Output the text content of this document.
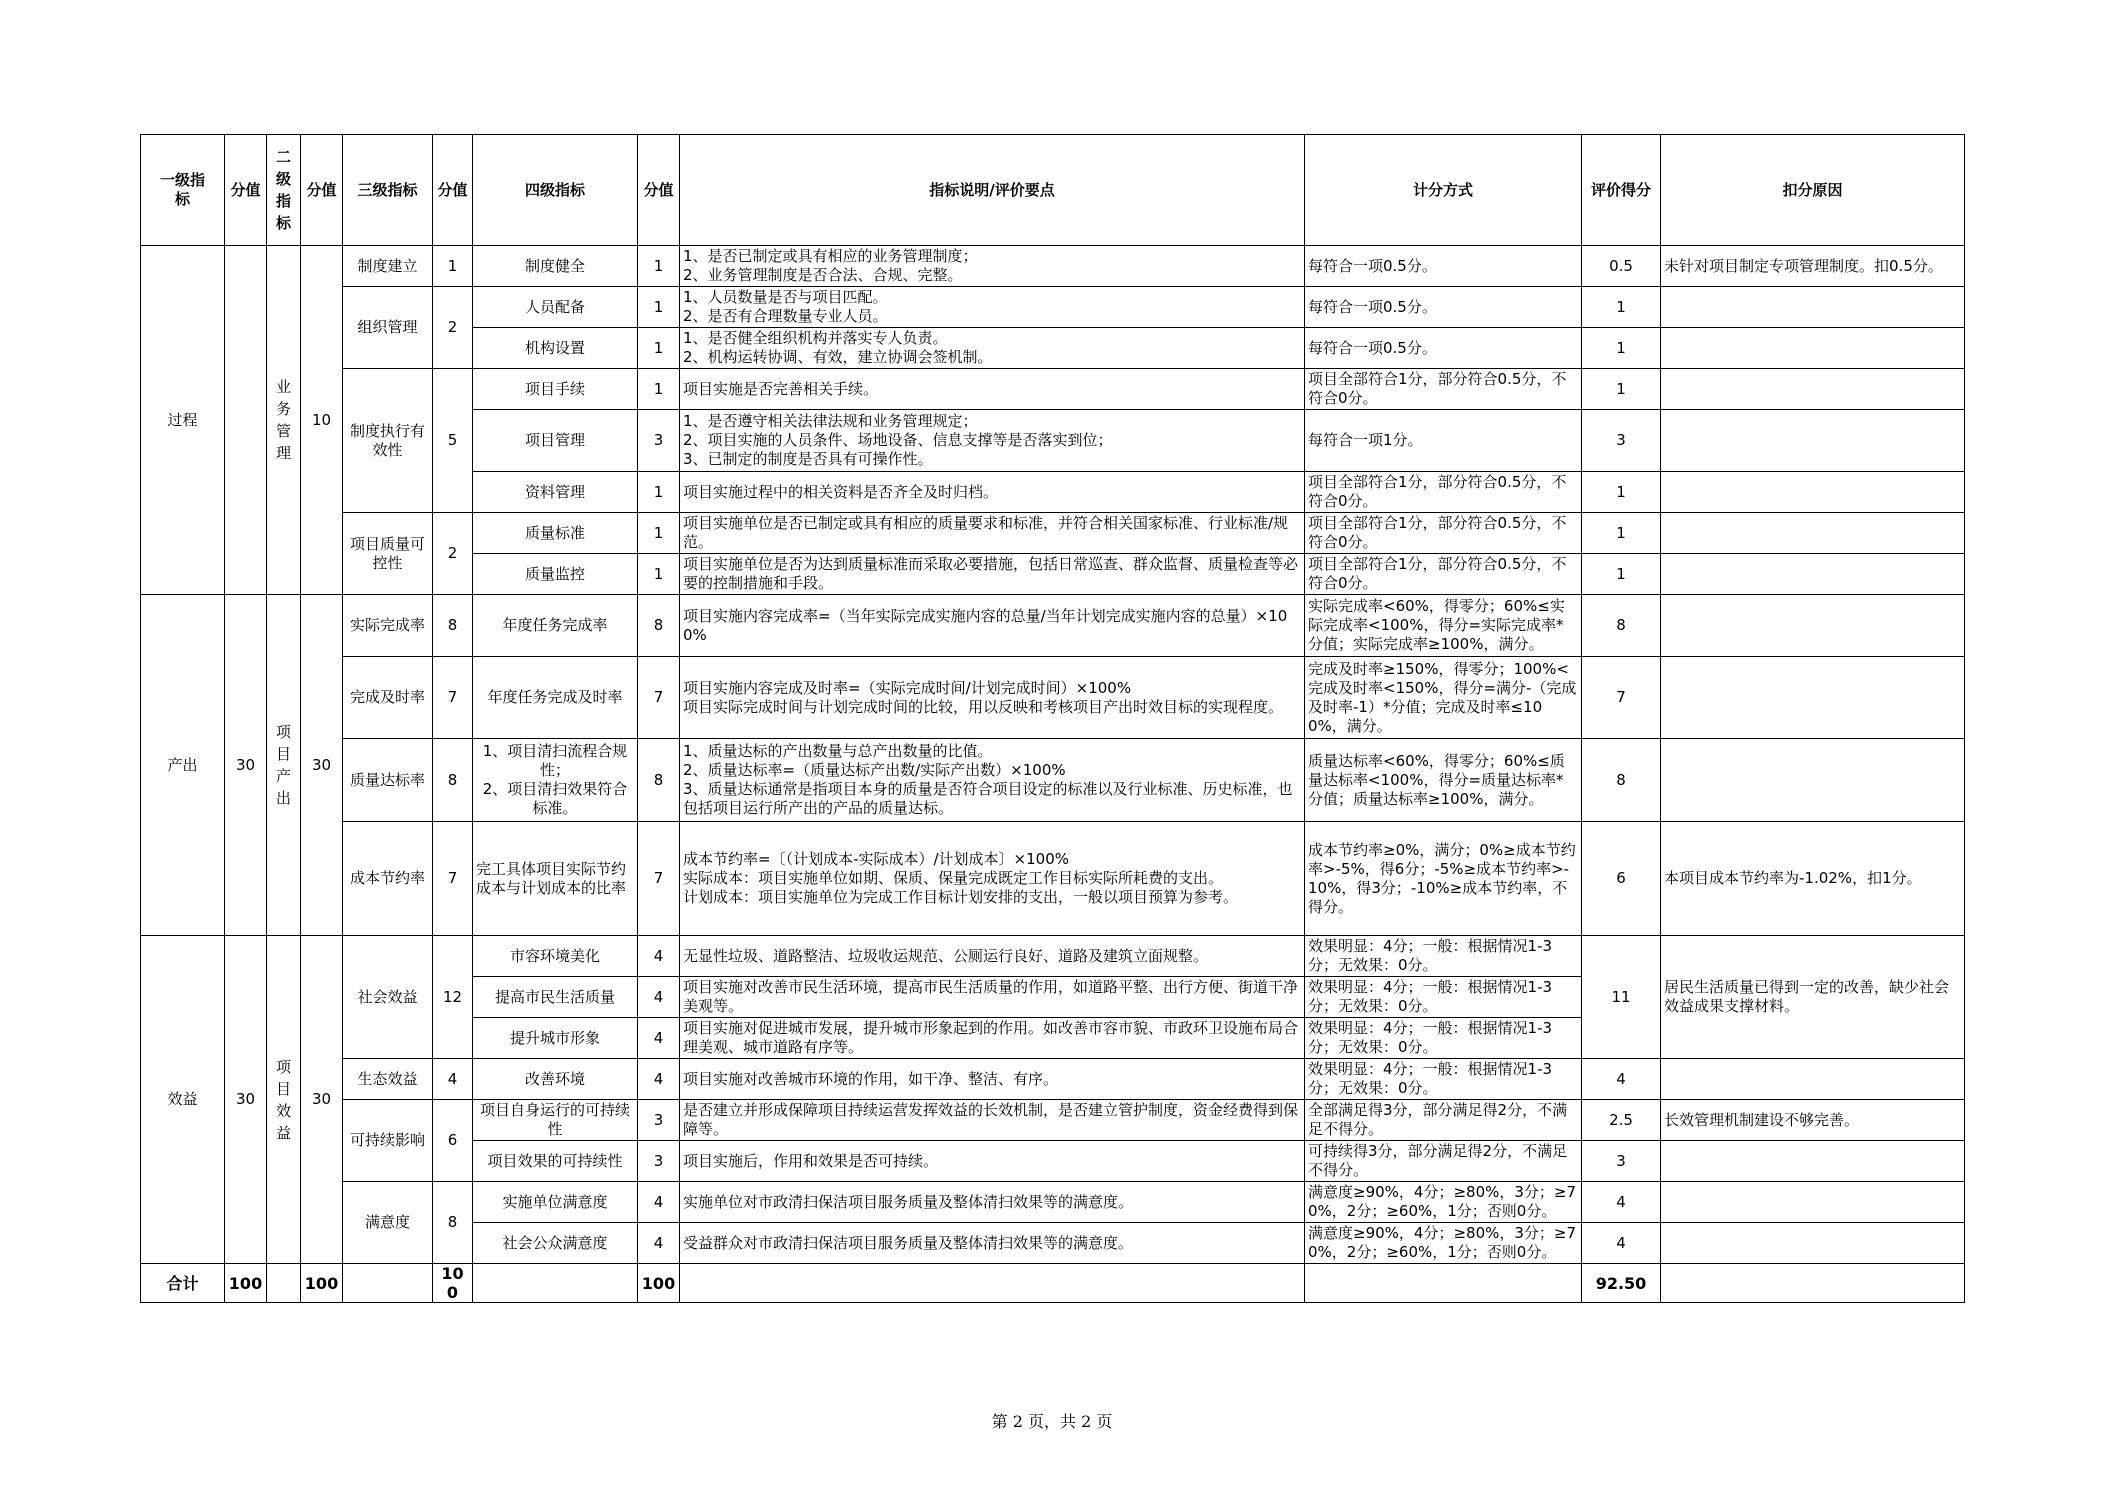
一级指标	分值	二级指标	分值	三级指标	分值	四级指标	分值	指标说明/评价要点	计分方式	评价得分	扣分原因
过程		业务管理	10	制度建立	1	制度健全	1	1、是否已制定或具有相应的业务管理制度；
2、业务管理制度是否合法、合规、完整。	每符合一项0.5分。	0.5	未针对项目制定专项管理制度。扣0.5分。
				组织管理	2	人员配备	1	1、人员数量是否与项目匹配。
2、是否有合理数量专业人员。	每符合一项0.5分。	1	
						机构设置	1	1、是否健全组织机构并落实专人负责。
2、机构运转协调、有效，建立协调会签机制。	每符合一项0.5分。	1	
				制度执行有效性	5	项目手续	1	项目实施是否完善相关手续。	项目全部符合1分，部分符合0.5分，不符合0分。	1	
						项目管理	3	1、是否遵守相关法律法规和业务管理规定；
2、项目实施的人员条件、场地设备、信息支撑等是否落实到位；
3、已制定的制度是否具有可操作性。	每符合一项1分。	3	
						资料管理	1	项目实施过程中的相关资料是否齐全及时归档。	项目全部符合1分，部分符合0.5分，不符合0分。	1	
				项目质量可控性	2	质量标准	1	项目实施单位是否已制定或具有相应的质量要求和标准，并符合相关国家标准、行业标准/规范。	项目全部符合1分，部分符合0.5分，不符合0分。	1	
						质量监控	1	项目实施单位是否为达到质量标准而采取必要措施，包括日常巡查、群众监督、质量检查等必要的控制措施和手段。	项目全部符合1分，部分符合0.5分，不符合0分。	1	
产出	30	项目产出	30	实际完成率	8	年度任务完成率	8	项目实施内容完成率=（当年实际完成实施内容的总量/当年计划完成实施内容的总量）×100%	实际完成率<60%，得零分；60%≤实际完成率<100%，得分=实际完成率*分值；实际完成率≥100%，满分。	8	
				完成及时率	7	年度任务完成及时率	7	项目实施内容完成及时率=（实际完成时间/计划完成时间）×100%
项目实际完成时间与计划完成时间的比较，用以反映和考核项目产出时效目标的实现程度。	完成及时率≥150%，得零分；100%<完成及时率<150%，得分=满分-（完成及时率-1）*分值；完成及时率≤100%，满分。	7	
				质量达标率	8	1、项目清扫流程合规性；
2、项目清扫效果符合标准。	8	1、质量达标的产出数量与总产出数量的比值。
2、质量达标率=（质量达标产出数/实际产出数）×100%
3、质量达标通常是指项目本身的质量是否符合项目设定的标准以及行业标准、历史标准，也包括项目运行所产出的产品的质量达标。	质量达标率<60%，得零分；60%≤质量达标率<100%，得分=质量达标率*分值；质量达标率≥100%，满分。	8	
				成本节约率	7	完工具体项目实际节约成本与计划成本的比率	7	成本节约率=〔（计划成本-实际成本）/计划成本〕×100%
实际成本：项目实施单位如期、保质、保量完成既定工作目标实际所耗费的支出。
计划成本：项目实施单位为完成工作目标计划安排的支出，一般以项目预算为参考。	成本节约率≥0%，满分；0%≥成本节约率>-5%，得6分；-5%≥成本节约率>-10%，得3分；-10%≥成本节约率，不得分。	6	本项目成本节约率为-1.02%，扣1分。
效益	30	项目效益	30	社会效益	12	市容环境美化	4	无显性垃圾、道路整洁、垃圾收运规范、公厕运行良好、道路及建筑立面规整。	效果明显：4分；一般：根据情况1-3分；无效果：0分。	11	居民生活质量已得到一定的改善，缺少社会效益成果支撑材料。
						提高市民生活质量	4	项目实施对改善市民生活环境，提高市民生活质量的作用，如道路平整、出行方便、街道干净美观等。	效果明显：4分；一般：根据情况1-3分；无效果：0分。		
						提升城市形象	4	项目实施对促进城市发展，提升城市形象起到的作用。如改善市容市貌、市政环卫设施布局合理美观、城市道路有序等。	效果明显：4分；一般：根据情况1-3分；无效果：0分。		
				生态效益	4	改善环境	4	项目实施对改善城市环境的作用，如干净、整洁、有序。	效果明显：4分；一般：根据情况1-3分；无效果：0分。	4	
				可持续影响	6	项目自身运行的可持续性	3	是否建立并形成保障项目持续运营发挥效益的长效机制，是否建立管护制度，资金经费得到保障等。	全部满足得3分，部分满足得2分，不满足不得分。	2.5	长效管理机制建设不够完善。
						项目效果的可持续性	3	项目实施后，作用和效果是否可持续。	可持续得3分，部分满足得2分，不满足不得分。	3	
				满意度	8	实施单位满意度	4	实施单位对市政清扫保洁项目服务质量及整体清扫效果等的满意度。	满意度≥90%，4分；≥80%，3分；≥70%，2分；≥60%，1分；否则0分。	4	
						社会公众满意度	4	受益群众对市政清扫保洁项目服务质量及整体清扫效果等的满意度。	满意度≥90%，4分；≥80%，3分；≥70%，2分；≥60%，1分；否则0分。	4	
合计	100		100		100		100			92.50	
第 2 页，共 2 页
